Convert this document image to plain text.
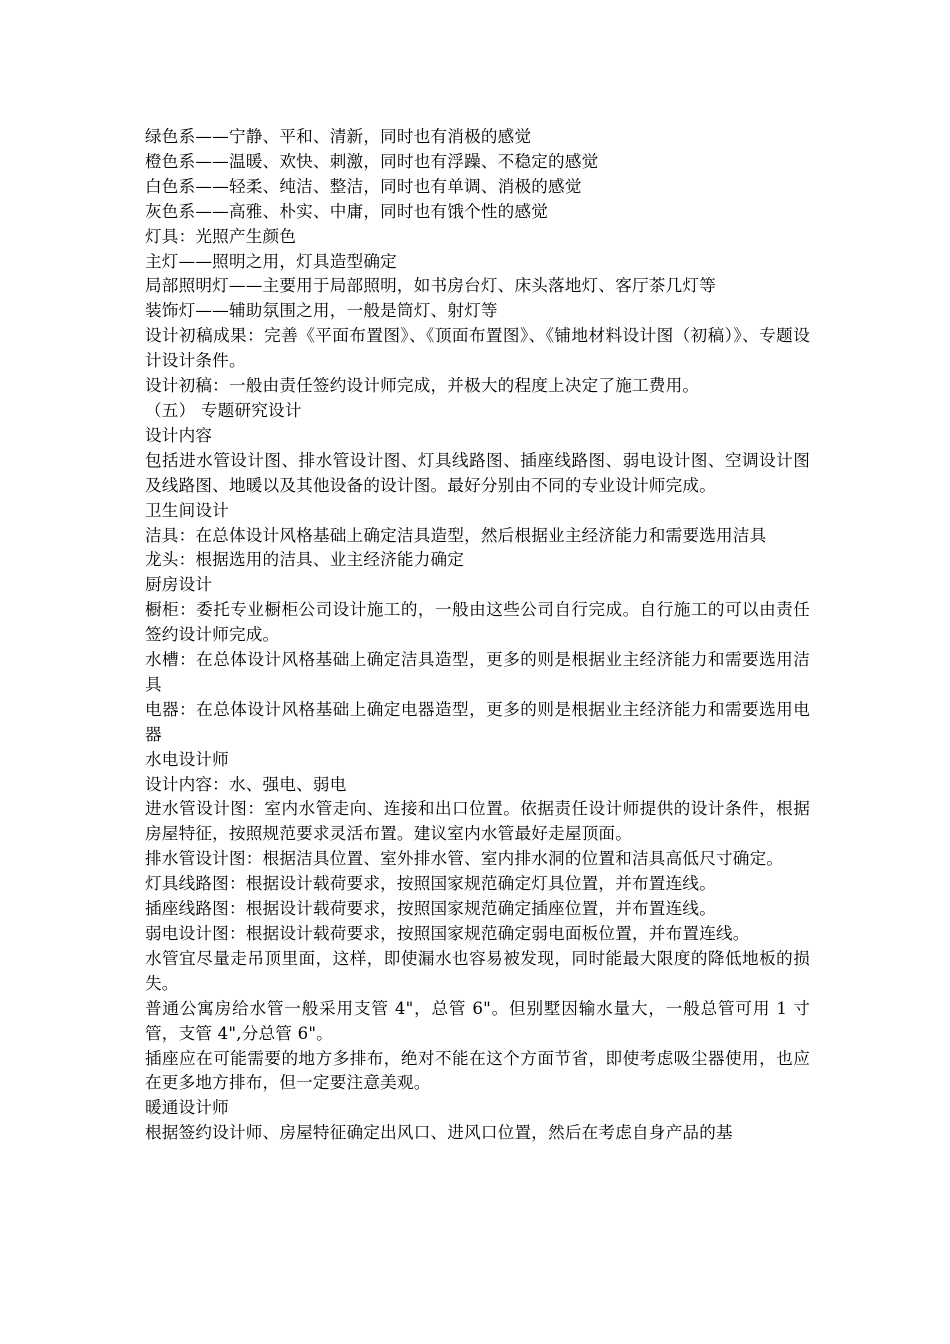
绿色系——宁静、平和、清新，同时也有消极的感觉

橙色系——温暖、欢快、刺激，同时也有浮躁、不稳定的感觉

白色系——轻柔、纯洁、整洁，同时也有单调、消极的感觉

灰色系——高雅、朴实、中庸，同时也有饿个性的感觉

灯具：光照产生颜色

主灯——照明之用，灯具造型确定

局部照明灯——主要用于局部照明，如书房台灯、床头落地灯、客厅茶几灯等

装饰灯——辅助氛围之用，一般是筒灯、射灯等

设计初稿成果：完善《平面布置图》、《顶面布置图》、《铺地材料设计图（初稿）》、专题设计设计条件。

设计初稿：一般由责任签约设计师完成，并极大的程度上决定了施工费用。

（五） 专题研究设计

设计内容

包括进水管设计图、排水管设计图、灯具线路图、插座线路图、弱电设计图、空调设计图及线路图、地暖以及其他设备的设计图。最好分别由不同的专业设计师完成。

卫生间设计

洁具：在总体设计风格基础上确定洁具造型，然后根据业主经济能力和需要选用洁具

龙头：根据选用的洁具、业主经济能力确定

厨房设计

橱柜：委托专业橱柜公司设计施工的，一般由这些公司自行完成。自行施工的可以由责任签约设计师完成。

水槽：在总体设计风格基础上确定洁具造型，更多的则是根据业主经济能力和需要选用洁具

电器：在总体设计风格基础上确定电器造型，更多的则是根据业主经济能力和需要选用电器

水电设计师

设计内容：水、强电、弱电

进水管设计图：室内水管走向、连接和出口位置。依据责任设计师提供的设计条件，根据房屋特征，按照规范要求灵活布置。建议室内水管最好走屋顶面。

排水管设计图：根据洁具位置、室外排水管、室内排水洞的位置和洁具高低尺寸确定。

灯具线路图：根据设计载荷要求，按照国家规范确定灯具位置，并布置连线。

插座线路图：根据设计载荷要求，按照国家规范确定插座位置，并布置连线。

弱电设计图：根据设计载荷要求，按照国家规范确定弱电面板位置，并布置连线。

水管宜尽量走吊顶里面，这样，即使漏水也容易被发现，同时能最大限度的降低地板的损失。

普通公寓房给水管一般采用支管 4"，总管 6"。但别墅因输水量大，一般总管可用 1 寸管，支管 4",分总管 6"。

插座应在可能需要的地方多排布，绝对不能在这个方面节省，即使考虑吸尘器使用，也应在更多地方排布，但一定要注意美观。

暖通设计师

根据签约设计师、房屋特征确定出风口、进风口位置，然后在考虑自身产品的基
